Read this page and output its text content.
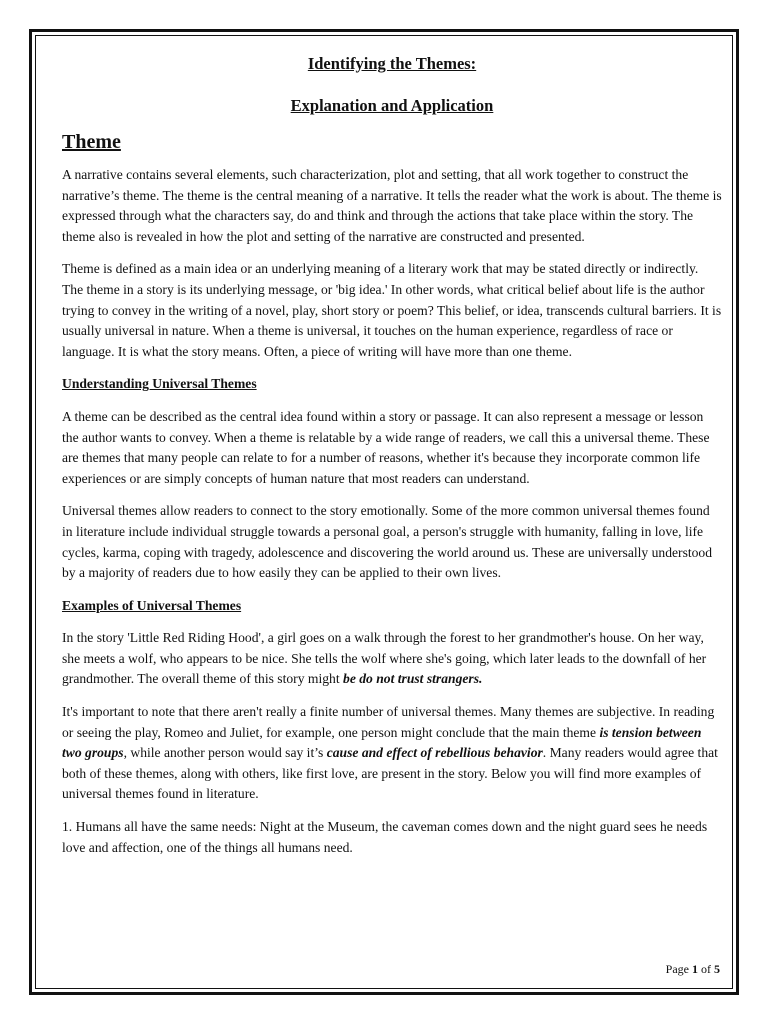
Identifying the Themes:
Explanation and Application
Theme

A narrative contains several elements, such characterization, plot and setting, that all work together to construct the narrative’s theme. The theme is the central meaning of a narrative. It tells the reader what the work is about. The theme is expressed through what the characters say, do and think and through the actions that take place within the story. The theme also is revealed in how the plot and setting of the narrative are constructed and presented.

Theme is defined as a main idea or an underlying meaning of a literary work that may be stated directly or indirectly. The theme in a story is its underlying message, or 'big idea.' In other words, what critical belief about life is the author trying to convey in the writing of a novel, play, short story or poem? This belief, or idea, transcends cultural barriers. It is usually universal in nature. When a theme is universal, it touches on the human experience, regardless of race or language. It is what the story means. Often, a piece of writing will have more than one theme.

Understanding Universal Themes

A theme can be described as the central idea found within a story or passage. It can also represent a message or lesson the author wants to convey. When a theme is relatable by a wide range of readers, we call this a universal theme. These are themes that many people can relate to for a number of reasons, whether it's because they incorporate common life experiences or are simply concepts of human nature that most readers can understand.

Universal themes allow readers to connect to the story emotionally. Some of the more common universal themes found in literature include individual struggle towards a personal goal, a person's struggle with humanity, falling in love, life cycles, karma, coping with tragedy, adolescence and discovering the world around us. These are universally understood by a majority of readers due to how easily they can be applied to their own lives.

Examples of Universal Themes

In the story 'Little Red Riding Hood', a girl goes on a walk through the forest to her grandmother's house. On her way, she meets a wolf, who appears to be nice. She tells the wolf where she's going, which later leads to the downfall of her grandmother. The overall theme of this story might be do not trust strangers.

It's important to note that there aren't really a finite number of universal themes. Many themes are subjective. In reading or seeing the play, Romeo and Juliet, for example, one person might conclude that the main theme is tension between two groups, while another person would say it’s cause and effect of rebellious behavior. Many readers would agree that both of these themes, along with others, like first love, are present in the story. Below you will find more examples of universal themes found in literature.

1. Humans all have the same needs: Night at the Museum, the caveman comes down and the night guard sees he needs love and affection, one of the things all humans need.

Page 1 of 5
